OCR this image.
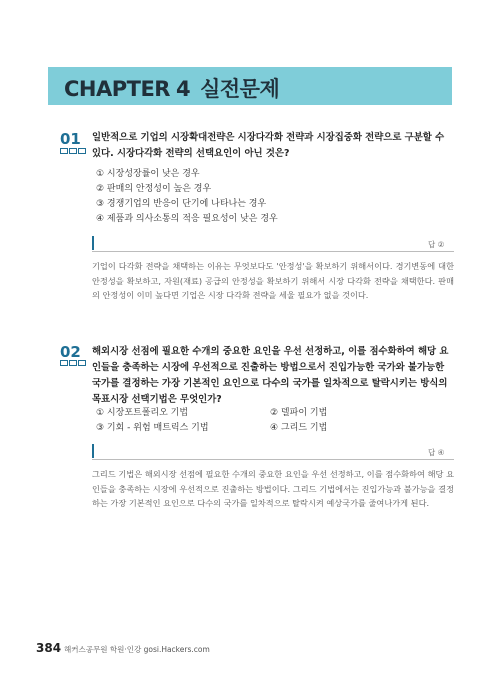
CHAPTER 4 실전문제
01 일반적으로 기업의 시장확대전략은 시장다각화 전략과 시장집중화 전략으로 구분할 수 있다. 시장다각화 전략의 선택요인이 아닌 것은?
① 시장성장률이 낮은 경우
② 판매의 안정성이 높은 경우
③ 경쟁기업의 반응이 단기에 나타나는 경우
④ 제품과 의사소통의 적응 필요성이 낮은 경우
답 ②
기업이 다각화 전략을 채택하는 이유는 무엇보다도 '안정성'을 확보하기 위해서이다. 경기변동에 대한 안정성을 확보하고, 자원(재료) 공급의 안정성을 확보하기 위해서 시장 다각화 전략을 채택한다. 판매의 안정성이 이미 높다면 기업은 시장 다각화 전략을 세울 필요가 없을 것이다.
02 해외시장 선점에 필요한 수개의 중요한 요인을 우선 선정하고, 이를 점수화하여 해당 요인들을 충족하는 시장에 우선적으로 진출하는 방법으로서 진입가능한 국가와 불가능한 국가를 결정하는 가장 기본적인 요인으로 다수의 국가를 일차적으로 탈락시키는 방식의 목표시장 선택기법은 무엇인가?
① 시장포트폴리오 기법	② 델파이 기법
③ 기회 - 위험 매트릭스 기법	④ 그리드 기법
답 ④
그리드 기법은 해외시장 선점에 필요한 수개의 중요한 요인을 우선 선정하고, 이를 점수화하여 해당 요인들을 충족하는 시장에 우선적으로 진출하는 방법이다. 그리드 기법에서는 진입가능과 불가능을 결정하는 가장 기본적인 요인으로 다수의 국가를 일차적으로 탈락시켜 예상국가를 줄여나가게 된다.
384 해커스공무원 학원·인강 gosi.Hackers.com
